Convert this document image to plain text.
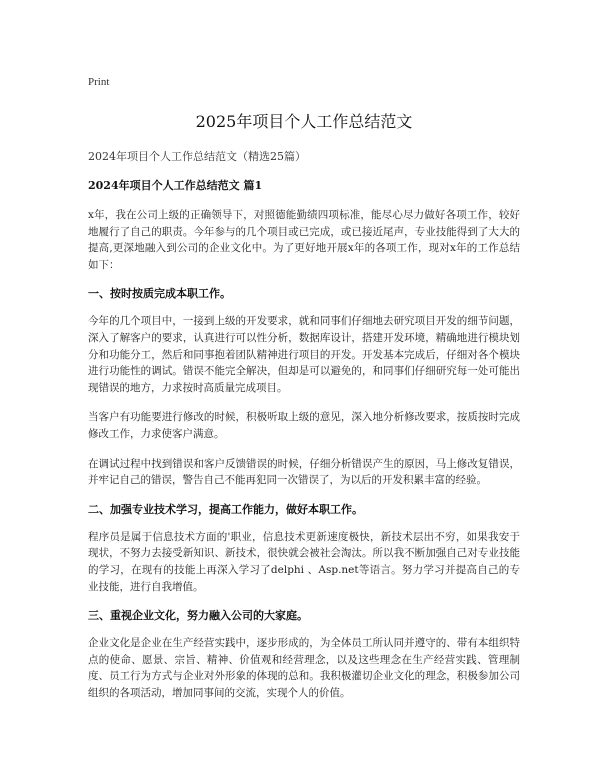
Print
2025年项目个人工作总结范文
2024年项目个人工作总结范文（精选25篇）
2024年项目个人工作总结范文 篇1

x年，我在公司上级的正确领导下，对照德能勤绩四项标准，能尽心尽力做好各项工作，较好地履行了自己的职责。今年参与的几个项目或已完成，或已接近尾声，专业技能得到了大大的提高,更深地融入到公司的企业文化中。为了更好地开展x年的各项工作，现对x年的工作总结如下：

一、按时按质完成本职工作。

今年的几个项目中，一接到上级的开发要求，就和同事们仔细地去研究项目开发的细节问题，深入了解客户的要求，认真进行可以性分析，数据库设计，搭建开发环境，精确地进行模块划分和功能分工，然后和同事抱着团队精神进行项目的开发。开发基本完成后，仔细对各个模块进行功能性的调试。错误不能完全解决，但却是可以避免的，和同事们仔细研究每一处可能出现错误的地方，力求按时高质量完成项目。

当客户有功能要进行修改的时候，积极听取上级的意见，深入地分析修改要求，按质按时完成修改工作，力求使客户满意。

在调试过程中找到错误和客户反馈错误的时候，仔细分析错误产生的原因，马上修改复错误，并牢记自己的错误，警告自己不能再犯同一次错误了，为以后的开发积累丰富的经验。

二、加强专业技术学习，提高工作能力，做好本职工作。

程序员是属于信息技术方面的'职业，信息技术更新速度极快，新技术层出不穷，如果我安于现状，不努力去接受新知识、新技术，很快就会被社会淘汰。所以我不断加强自己对专业技能的学习，在现有的技能上再深入学习了delphi 、Asp.net等语言。努力学习并提高自己的专业技能，进行自我增值。

三、重视企业文化，努力融入公司的大家庭。

企业文化是企业在生产经营实践中，逐步形成的，为全体员工所认同并遵守的、带有本组织特点的使命、愿景、宗旨、精神、价值观和经营理念，以及这些理念在生产经营实践、管理制度、员工行为方式与企业对外形象的体现的总和。我积极灌切企业文化的理念，积极参加公司组织的各项活动，增加同事间的交流，实现个人的价值。
